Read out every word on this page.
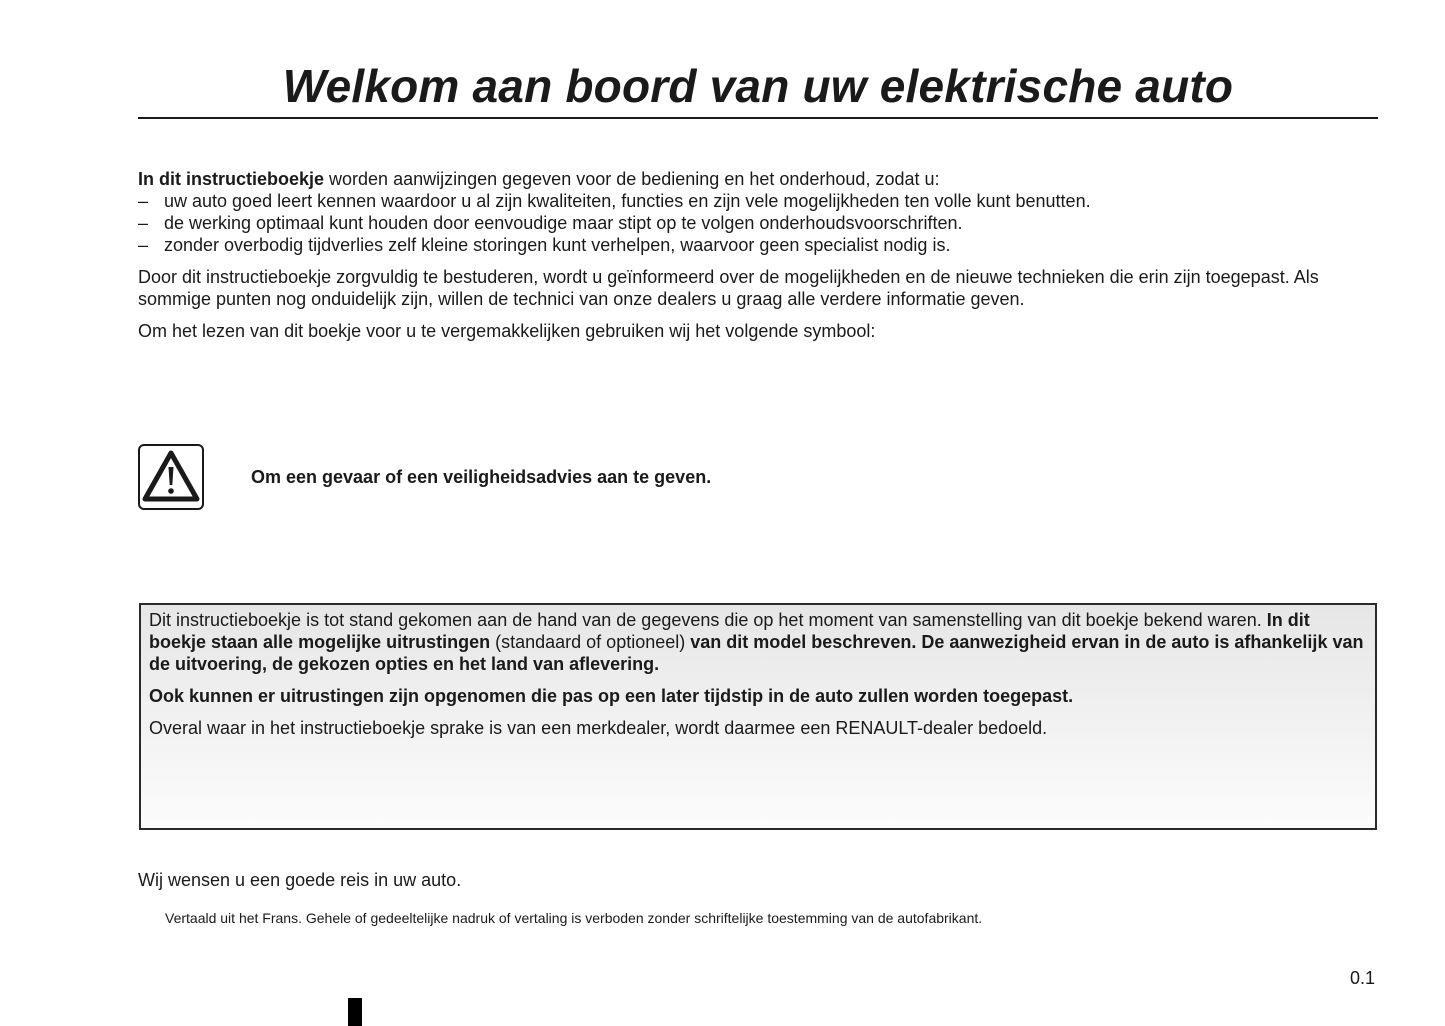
Welkom aan boord van uw elektrische auto

In dit instructieboekje worden aanwijzingen gegeven voor de bediening en het onderhoud, zodat u:

– uw auto goed leert kennen waardoor u al zijn kwaliteiten, functies en zijn vele mogelijkheden ten volle kunt benutten.
– de werking optimaal kunt houden door eenvoudige maar stipt op te volgen onderhoudsvoorschriften.
– zonder overbodig tijdverlies zelf kleine storingen kunt verhelpen, waarvoor geen specialist nodig is.

Door dit instructieboekje zorgvuldig te bestuderen, wordt u geïnformeerd over de mogelijkheden en de nieuwe technieken die erin zijn toegepast. Als sommige punten nog onduidelijk zijn, willen de technici van onze dealers u graag alle verdere informatie geven.

Om het lezen van dit boekje voor u te vergemakkelijken gebruiken wij het volgende symbool:

Om een gevaar of een veiligheidsadvies aan te geven.

Dit instructieboekje is tot stand gekomen aan de hand van de gegevens die op het moment van samenstelling van dit boekje bekend waren. In dit boekje staan alle mogelijke uitrustingen (standaard of optioneel) van dit model beschreven. De aanwezigheid ervan in de auto is afhankelijk van de uitvoering, de gekozen opties en het land van aflevering.

Ook kunnen er uitrustingen zijn opgenomen die pas op een later tijdstip in de auto zullen worden toegepast.

Overal waar in het instructieboekje sprake is van een merkdealer, wordt daarmee een RENAULT-dealer bedoeld.

Wij wensen u een goede reis in uw auto.
Vertaald uit het Frans. Gehele of gedeeltelijke nadruk of vertaling is verboden zonder schriftelijke toestemming van de autofabrikant.
0.1
